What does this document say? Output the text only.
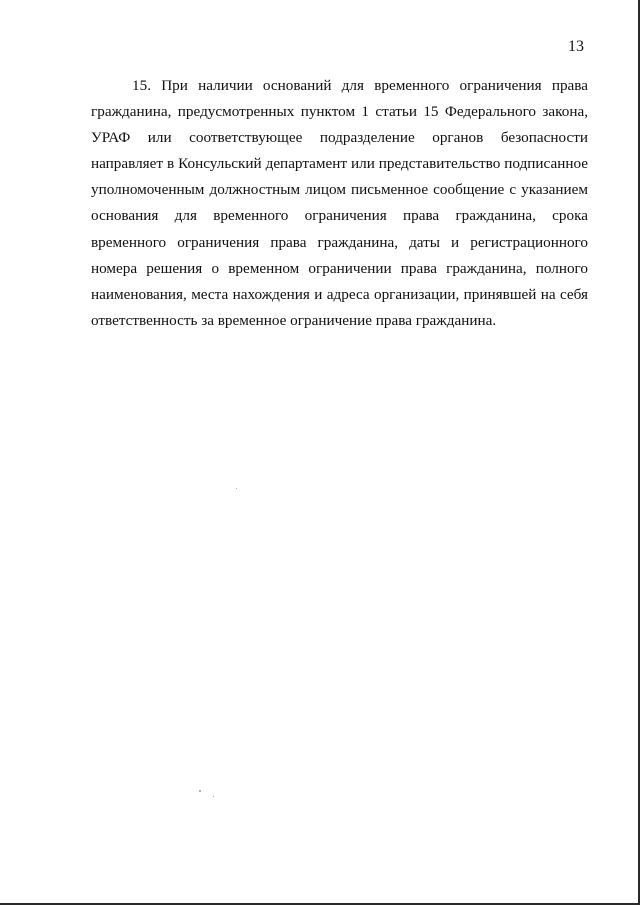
13

15. При наличии оснований для временного ограничения права гражданина, предусмотренных пунктом 1 статьи 15 Федерального закона, УРАФ или соответствующее подразделение органов безопасности направляет в Консульский департамент или представительство подписанное уполномоченным должностным лицом письменное сообщение с указанием основания для временного ограничения права гражданина, срока временного ограничения права гражданина, даты и регистрационного номера решения о временном ограничении права гражданина, полного наименования, места нахождения и адреса организации, принявшей на себя ответственность за временное ограничение права гражданина.
